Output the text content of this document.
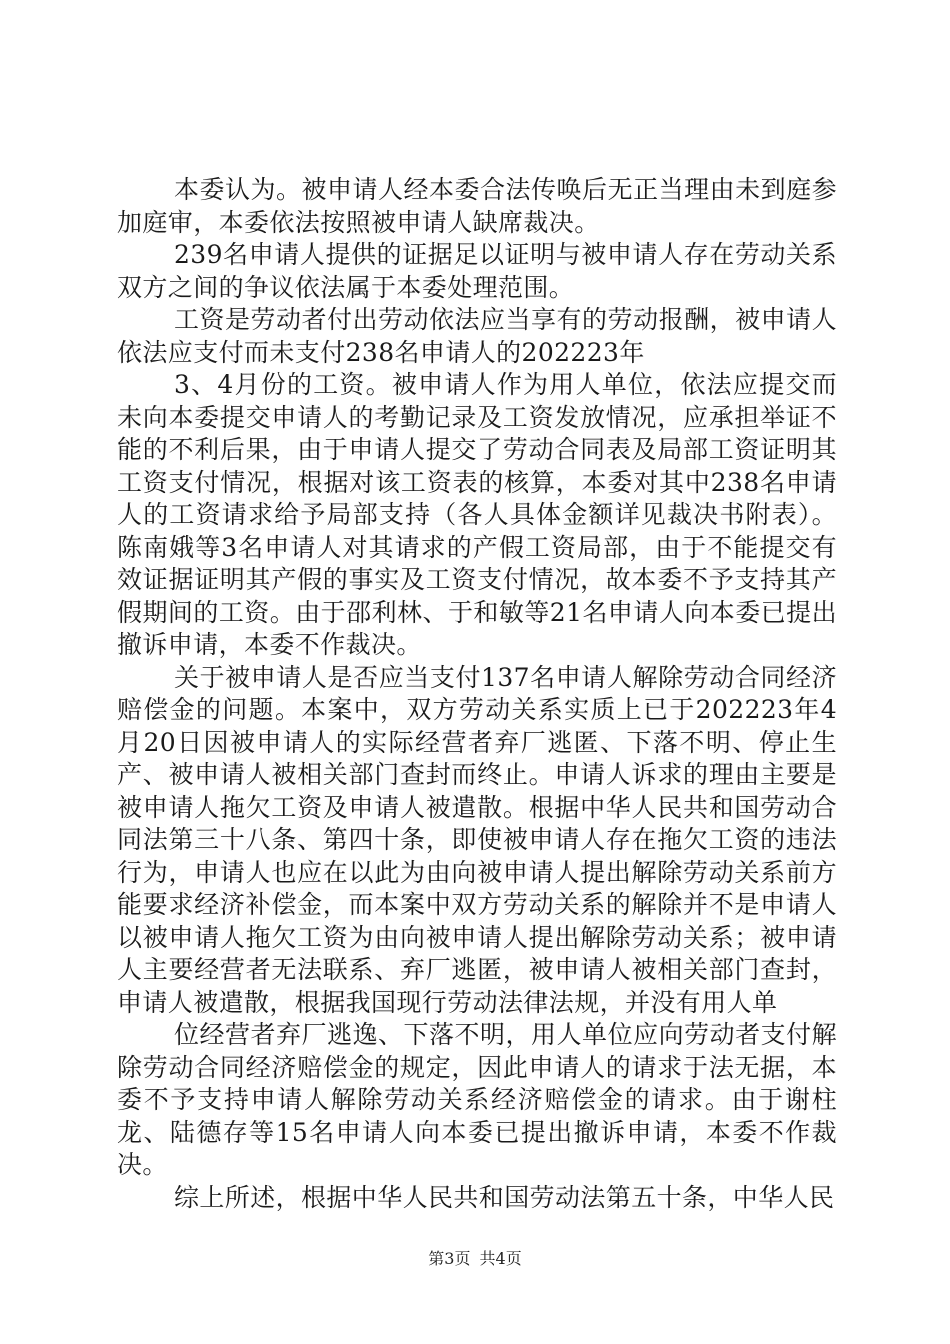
本委认为。被申请人经本委合法传唤后无正当理由未到庭参加庭审，本委依法按照被申请人缺席裁决。

239名申请人提供的证据足以证明与被申请人存在劳动关系双方之间的争议依法属于本委处理范围。

工资是劳动者付出劳动依法应当享有的劳动报酬，被申请人依法应支付而未支付238名申请人的202223年

3、4月份的工资。被申请人作为用人单位，依法应提交而未向本委提交申请人的考勤记录及工资发放情况，应承担举证不能的不利后果，由于申请人提交了劳动合同表及局部工资证明其工资支付情况，根据对该工资表的核算，本委对其中238名申请人的工资请求给予局部支持（各人具体金额详见裁决书附表）。陈南娥等3名申请人对其请求的产假工资局部，由于不能提交有效证据证明其产假的事实及工资支付情况，故本委不予支持其产假期间的工资。由于邵利林、于和敏等21名申请人向本委已提出撤诉申请，本委不作裁决。

关于被申请人是否应当支付137名申请人解除劳动合同经济赔偿金的问题。本案中，双方劳动关系实质上已于202223年4月20日因被申请人的实际经营者弃厂逃匿、下落不明、停止生产、被申请人被相关部门查封而终止。申请人诉求的理由主要是被申请人拖欠工资及申请人被遣散。根据中华人民共和国劳动合同法第三十八条、第四十条，即使被申请人存在拖欠工资的违法行为，申请人也应在以此为由向被申请人提出解除劳动关系前方能要求经济补偿金，而本案中双方劳动关系的解除并不是申请人以被申请人拖欠工资为由向被申请人提出解除劳动关系；被申请人主要经营者无法联系、弃厂逃匿，被申请人被相关部门查封，申请人被遣散，根据我国现行劳动法律法规，并没有用人单

位经营者弃厂逃逸、下落不明，用人单位应向劳动者支付解除劳动合同经济赔偿金的规定，因此申请人的请求于法无据，本委不予支持申请人解除劳动关系经济赔偿金的请求。由于谢柱龙、陆德存等15名申请人向本委已提出撤诉申请，本委不作裁决。

综上所述，根据中华人民共和国劳动法第五十条，中华人民

第3页 共4页
